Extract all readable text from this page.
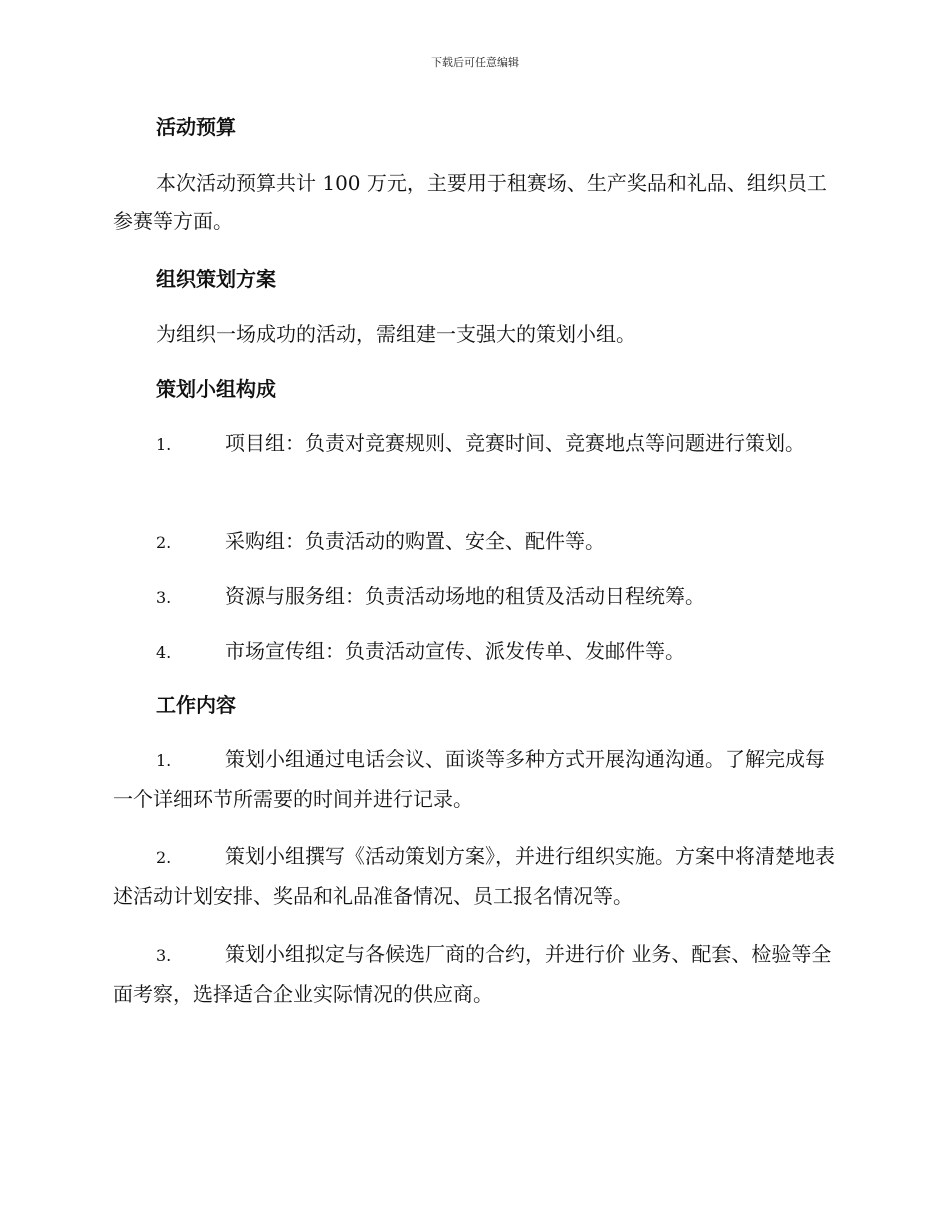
下载后可任意编辑
活动预算
本次活动预算共计 100 万元，主要用于租赛场、生产奖品和礼品、组织员工参赛等方面。
组织策划方案
为组织一场成功的活动，需组建一支强大的策划小组。
策划小组构成
1.	项目组：负责对竞赛规则、竞赛时间、竞赛地点等问题进行策划。
2.	采购组：负责活动的购置、安全、配件等。
3.	资源与服务组：负责活动场地的租赁及活动日程统筹。
4.	市场宣传组：负责活动宣传、派发传单、发邮件等。
工作内容
1.	策划小组通过电话会议、面谈等多种方式开展沟通沟通。了解完成每一个详细环节所需要的时间并进行记录。
2.	策划小组撰写《活动策划方案》，并进行组织实施。方案中将清楚地表述活动计划安排、奖品和礼品准备情况、员工报名情况等。
3.	策划小组拟定与各候选厂商的合约，并进行价 业务、配套、检验等全面考察，选择适合企业实际情况的供应商。
